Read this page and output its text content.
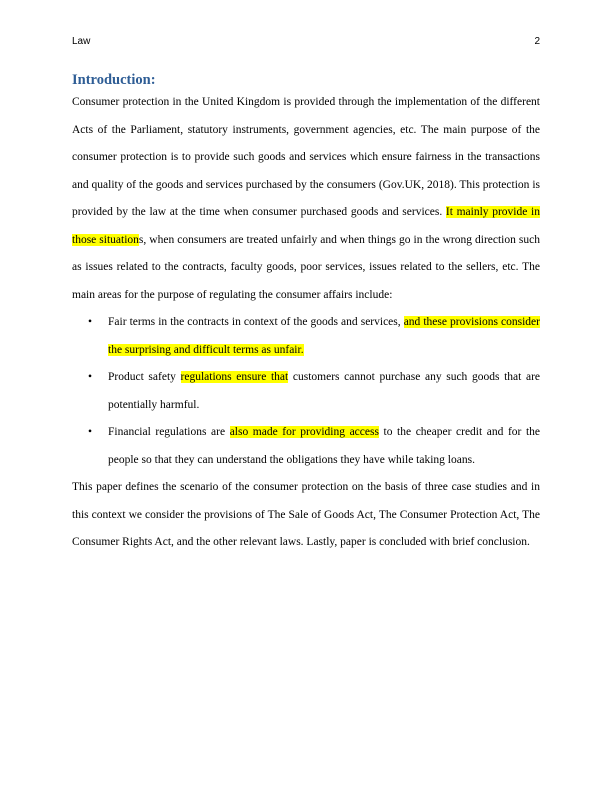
Law	2
Introduction:

Consumer protection in the United Kingdom is provided through the implementation of the different Acts of the Parliament, statutory instruments, government agencies, etc. The main purpose of the consumer protection is to provide such goods and services which ensure fairness in the transactions and quality of the goods and services purchased by the consumers (Gov.UK, 2018). This protection is provided by the law at the time when consumer purchased goods and services. It mainly provide in those situations, when consumers are treated unfairly and when things go in the wrong direction such as issues related to the contracts, faculty goods, poor services, issues related to the sellers, etc. The main areas for the purpose of regulating the consumer affairs include:

• Fair terms in the contracts in context of the goods and services, and these provisions consider the surprising and difficult terms as unfair.
• Product safety regulations ensure that customers cannot purchase any such goods that are potentially harmful.
• Financial regulations are also made for providing access to the cheaper credit and for the people so that they can understand the obligations they have while taking loans.

This paper defines the scenario of the consumer protection on the basis of three case studies and in this context we consider the provisions of The Sale of Goods Act, The Consumer Protection Act, The Consumer Rights Act, and the other relevant laws. Lastly, paper is concluded with brief conclusion.
